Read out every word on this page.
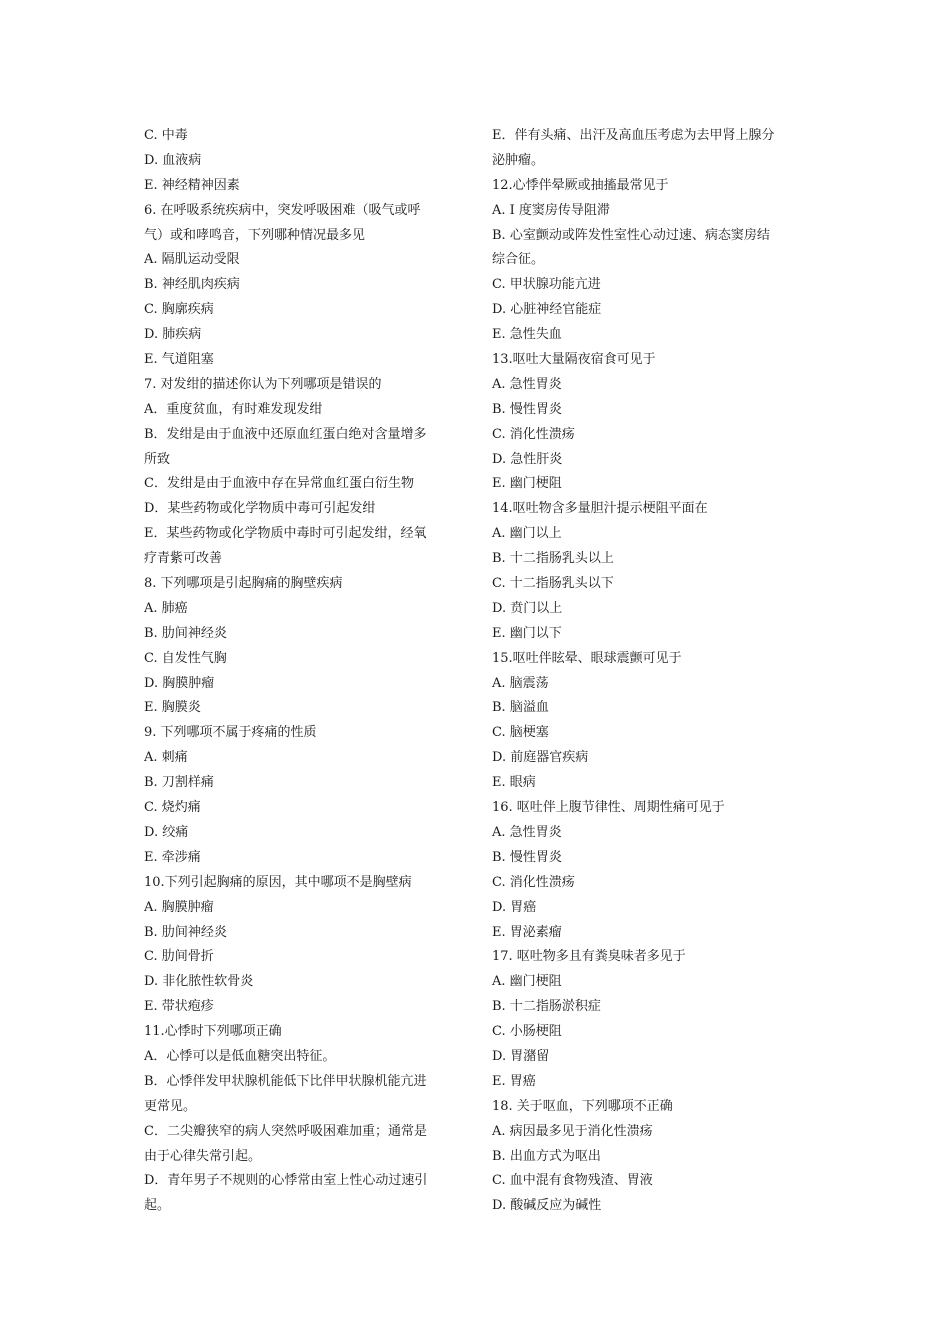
C. 中毒
D. 血液病
E. 神经精神因素
6. 在呼吸系统疾病中，突发呼吸困难（吸气或呼
气）或和哮鸣音，下列哪种情况最多见
A. 隔肌运动受限
B. 神经肌肉疾病
C. 胸廓疾病
D. 肺疾病
E. 气道阻塞
7. 对发绀的描述你认为下列哪项是错误的
A．重度贫血，有时难发现发绀
B．发绀是由于血液中还原血红蛋白绝对含量增多
所致
C．发绀是由于血液中存在异常血红蛋白衍生物
D．某些药物或化学物质中毒可引起发绀
E．某些药物或化学物质中毒时可引起发绀，经氧
疗青紫可改善
8. 下列哪项是引起胸痛的胸壁疾病
A. 肺癌
B. 肋间神经炎
C. 自发性气胸
D. 胸膜肿瘤
E. 胸膜炎
9. 下列哪项不属于疼痛的性质
A. 刺痛
B. 刀割样痛
C. 烧灼痛
D. 绞痛
E. 牵涉痛
10.下列引起胸痛的原因，其中哪项不是胸壁病
A. 胸膜肿瘤
B. 肋间神经炎
C. 肋间骨折
D. 非化脓性软骨炎
E. 带状疱疹
11.心悸时下列哪项正确
A．心悸可以是低血糖突出特征。
B．心悸伴发甲状腺机能低下比伴甲状腺机能亢进
更常见。
C．二尖瓣狭窄的病人突然呼吸困难加重；通常是
由于心律失常引起。
D．青年男子不规则的心悸常由室上性心动过速引
起。
E．伴有头痛、出汗及高血压考虑为去甲肾上腺分
泌肿瘤。
12.心悸伴晕厥或抽搐最常见于
A. I 度窦房传导阻滞
B. 心室颤动或阵发性室性心动过速、病态窦房结
综合征。
C. 甲状腺功能亢进
D. 心脏神经官能症
E. 急性失血
13.呕吐大量隔夜宿食可见于
A. 急性胃炎
B. 慢性胃炎
C. 消化性溃疡
D. 急性肝炎
E. 幽门梗阻
14.呕吐物含多量胆汁提示梗阻平面在
A. 幽门以上
B. 十二指肠乳头以上
C. 十二指肠乳头以下
D. 贲门以上
E. 幽门以下
15.呕吐伴眩晕、眼球震颤可见于
A. 脑震荡
B. 脑溢血
C. 脑梗塞
D. 前庭器官疾病
E. 眼病
16. 呕吐伴上腹节律性、周期性痛可见于
A. 急性胃炎
B. 慢性胃炎
C. 消化性溃疡
D. 胃癌
E. 胃泌素瘤
17. 呕吐物多且有粪臭味者多见于
A. 幽门梗阻
B. 十二指肠淤积症
C. 小肠梗阻
D. 胃潴留
E. 胃癌
18. 关于呕血，下列哪项不正确
A. 病因最多见于消化性溃疡
B. 出血方式为呕出
C. 血中混有食物残渣、胃液
D. 酸碱反应为碱性
